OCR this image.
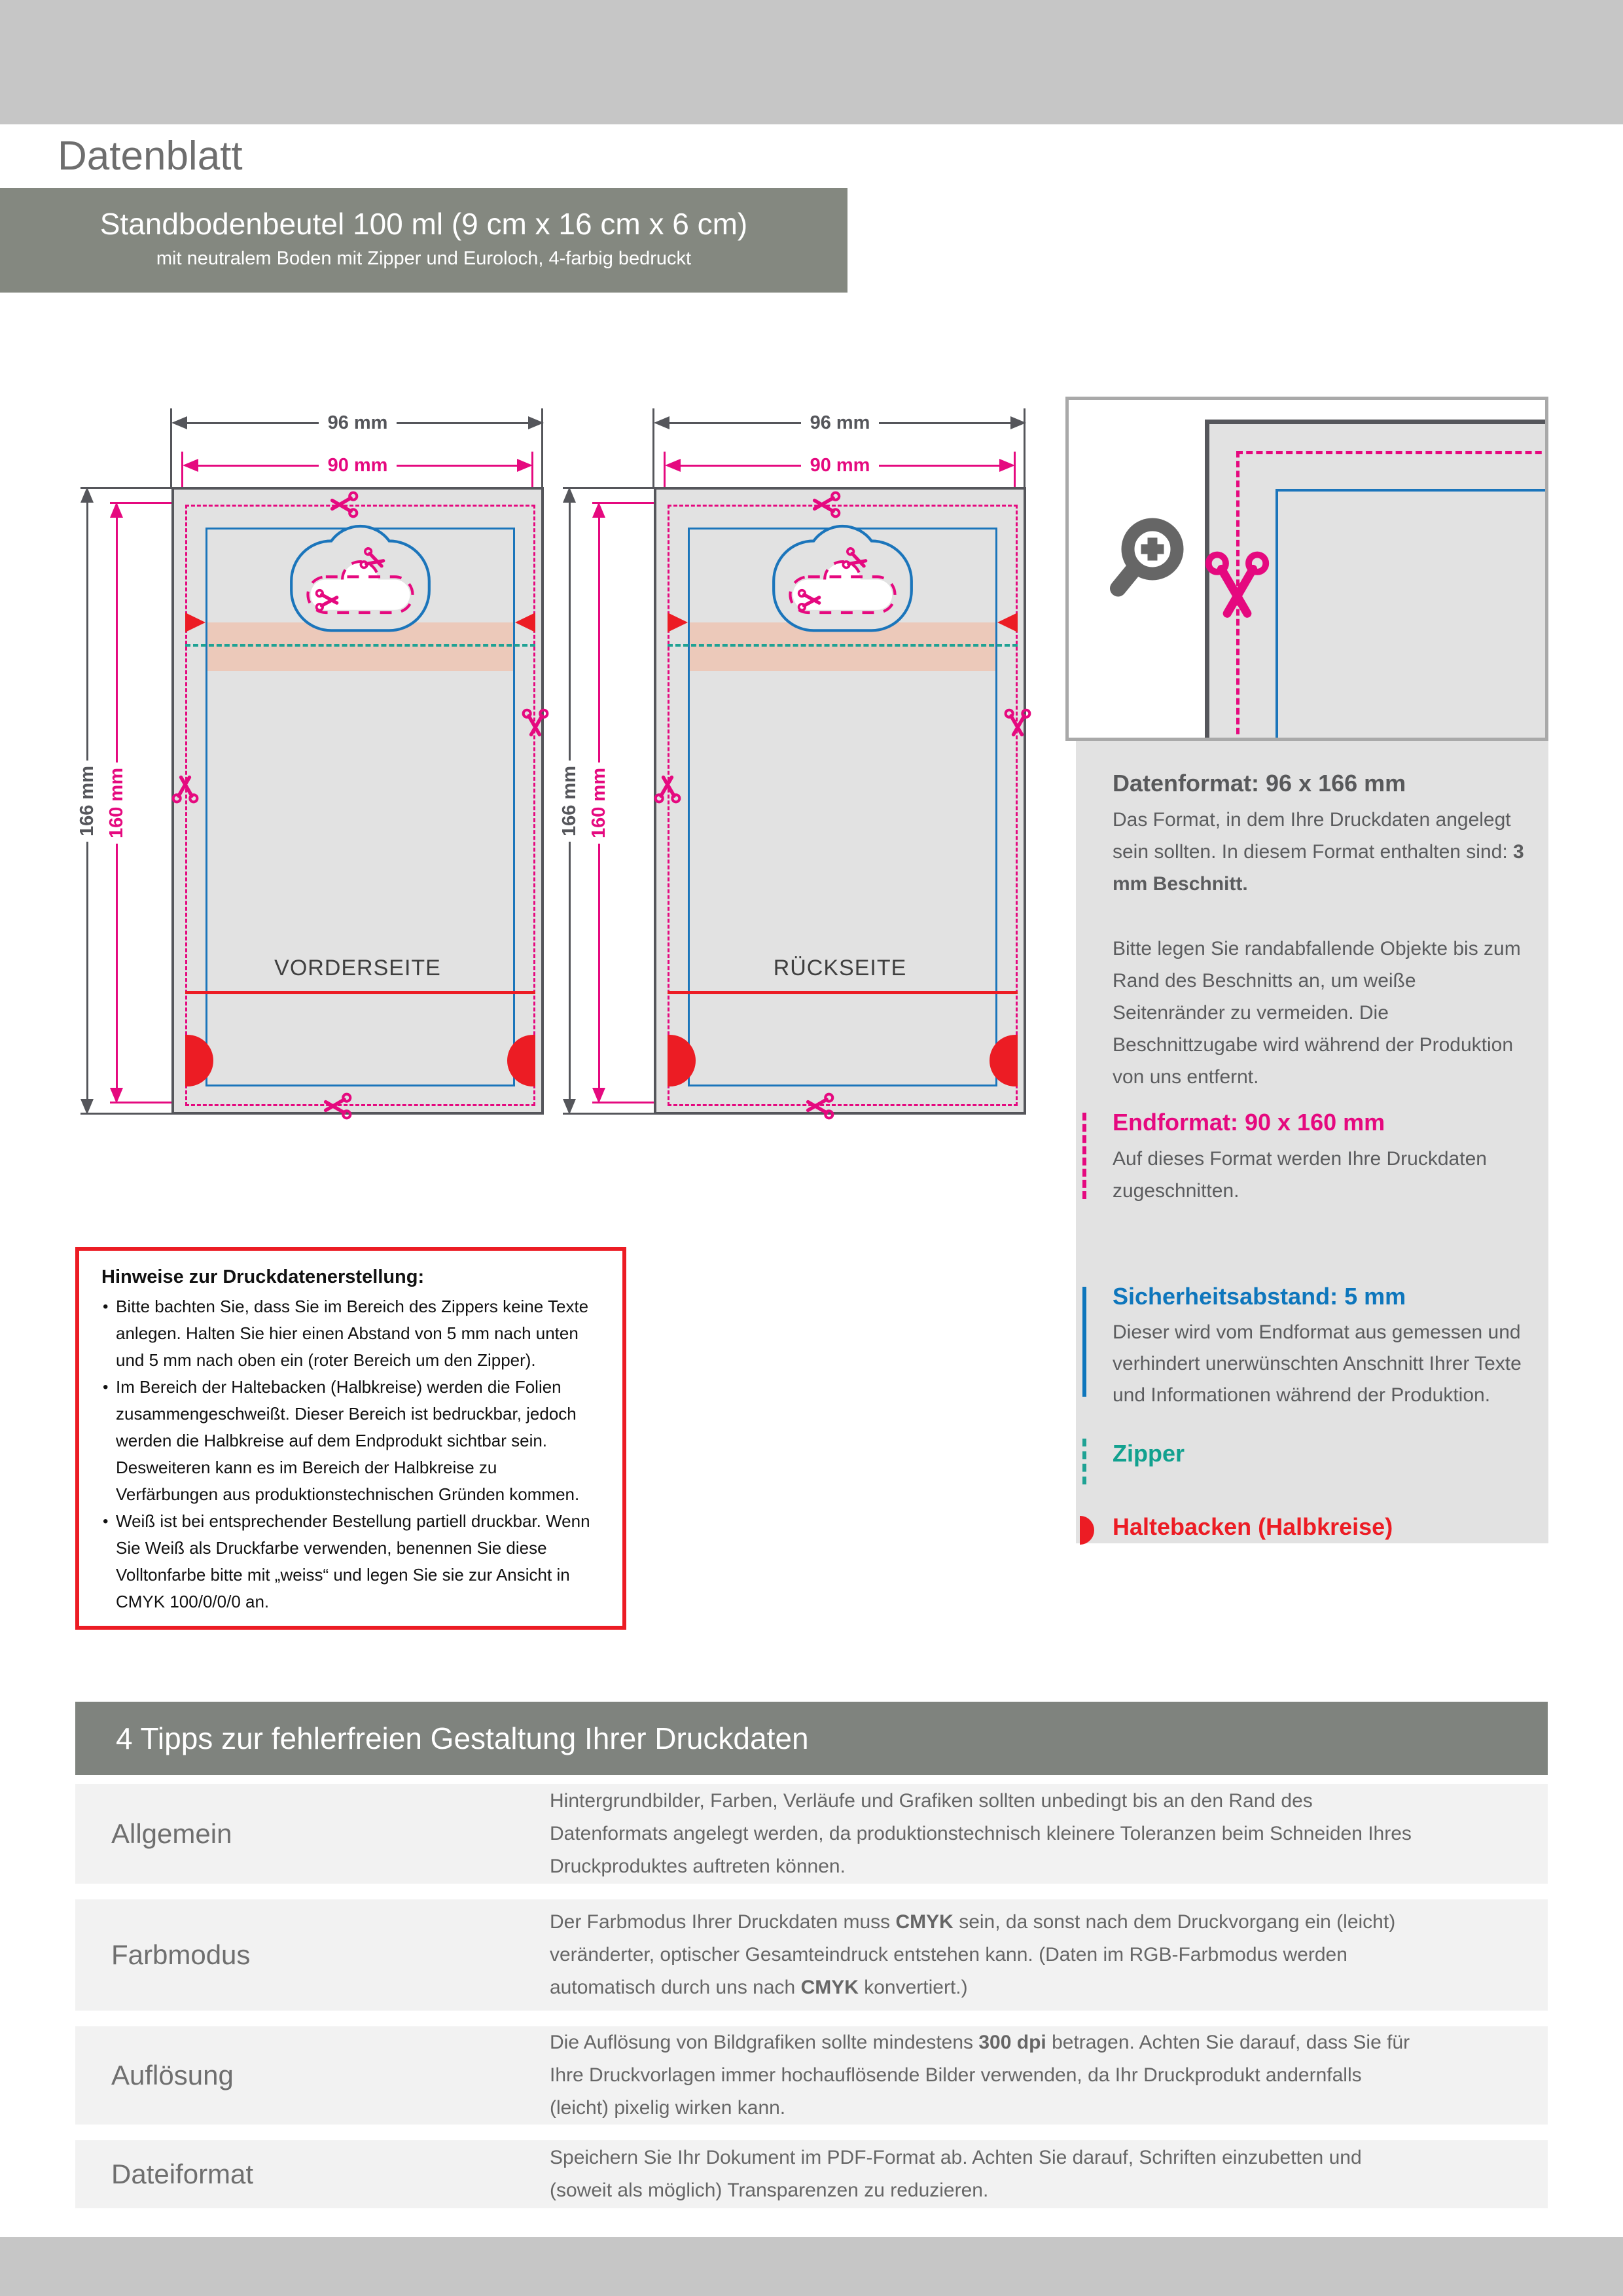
Datenblatt
Standbodenbeutel 100 ml (9 cm x 16 cm x 6 cm)
mit neutralem Boden mit Zipper und Euroloch, 4-farbig bedruckt
96 mm
90 mm
166 mm 160 mm
VORDERSEITE
96 mm
90 mm
166 mm 160 mm
RÜCKSEITE
Datenformat: 96 x 166 mm

Das Format, in dem Ihre Druckdaten angelegt sein sollten. In diesem Format enthalten sind: 3 mm Beschnitt.

Bitte legen Sie randabfallende Objekte bis zum Rand des Beschnitts an, um weiße Seitenränder zu vermeiden. Die Beschnittzugabe wird während der Produktion von uns entfernt.

Endformat: 90 x 160 mm

Auf dieses Format werden Ihre Druckdaten zugeschnitten.

Sicherheitsabstand: 5 mm

Dieser wird vom Endformat aus gemessen und verhindert unerwünschten Anschnitt Ihrer Texte und Informationen während der Produktion.

Zipper
Haltebacken (Halbkreise)
Hinweise zur Druckdatenerstellung:
• Bitte bachten Sie, dass Sie im Bereich des Zippers keine Texte anlegen. Halten Sie hier einen Abstand von 5 mm nach unten und 5 mm nach oben ein (roter Bereich um den Zipper).
• Im Bereich der Haltebacken (Halbkreise) werden die Folien zusammengeschweißt. Dieser Bereich ist bedruckbar, jedoch werden die Halbkreise auf dem Endprodukt sichtbar sein. Desweiteren kann es im Bereich der Halbkreise zu Verfärbungen aus produktionstechnischen Gründen kommen.
• Weiß ist bei entsprechender Bestellung partiell druckbar. Wenn Sie Weiß als Druckfarbe verwenden, benennen Sie diese Volltonfarbe bitte mit „weiss“ und legen Sie sie zur Ansicht in CMYK 100/0/0/0 an.
4 Tipps zur fehlerfreien Gestaltung Ihrer Druckdaten
Allgemein
Hintergrundbilder, Farben, Verläufe und Grafiken sollten unbedingt bis an den Rand des Datenformats angelegt werden, da produktionstechnisch kleinere Toleranzen beim Schneiden Ihres Druckproduktes auftreten können.
Farbmodus
Der Farbmodus Ihrer Druckdaten muss CMYK sein, da sonst nach dem Druckvorgang ein (leicht) veränderter, optischer Gesamteindruck entstehen kann. (Daten im RGB-Farbmodus werden automatisch durch uns nach CMYK konvertiert.)
Auflösung
Die Auflösung von Bildgrafiken sollte mindestens 300 dpi betragen. Achten Sie darauf, dass Sie für Ihre Druckvorlagen immer hochauflösende Bilder verwenden, da Ihr Druckprodukt andernfalls (leicht) pixelig wirken kann.
Dateiformat
Speichern Sie Ihr Dokument im PDF-Format ab. Achten Sie darauf, Schriften einzubetten und (soweit als möglich) Transparenzen zu reduzieren.
